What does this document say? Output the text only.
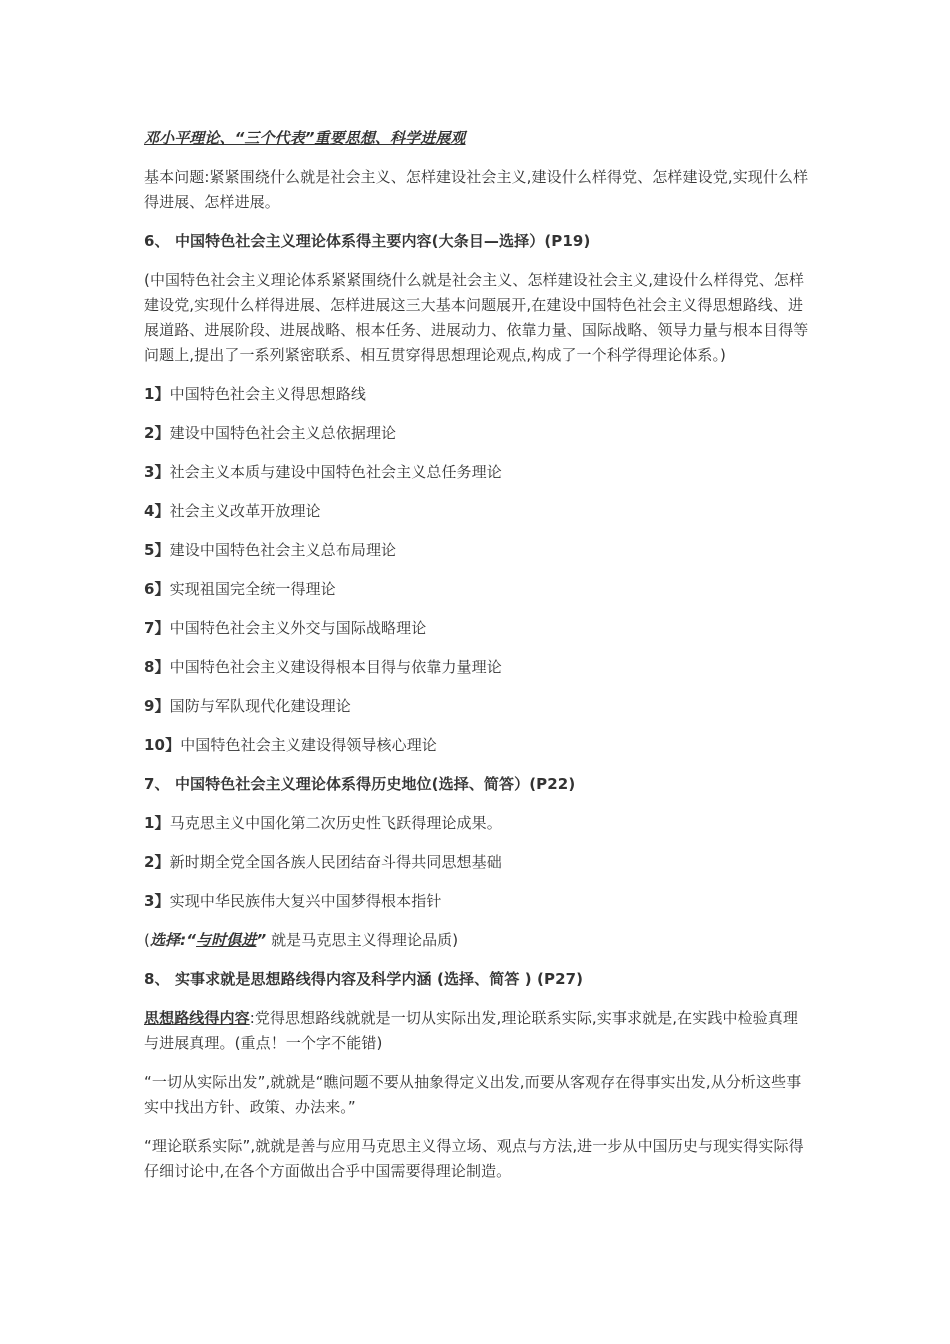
邓小平理论、“三个代表”重要思想、科学进展观

基本问题:紧紧围绕什么就是社会主义、怎样建设社会主义,建设什么样得党、怎样建设党,实现什么样得进展、怎样进展。

6、 中国特色社会主义理论体系得主要内容(大条目—选择）(P19)

(中国特色社会主义理论体系紧紧围绕什么就是社会主义、怎样建设社会主义,建设什么样得党、怎样建设党,实现什么样得进展、怎样进展这三大基本问题展开,在建设中国特色社会主义得思想路线、进展道路、进展阶段、进展战略、根本任务、进展动力、依靠力量、国际战略、领导力量与根本目得等问题上,提出了一系列紧密联系、相互贯穿得思想理论观点,构成了一个科学得理论体系。)

1】中国特色社会主义得思想路线

2】建设中国特色社会主义总依据理论

3】社会主义本质与建设中国特色社会主义总任务理论

4】社会主义改革开放理论

5】建设中国特色社会主义总布局理论

6】实现祖国完全统一得理论

7】中国特色社会主义外交与国际战略理论

8】中国特色社会主义建设得根本目得与依靠力量理论

9】国防与军队现代化建设理论

10】中国特色社会主义建设得领导核心理论

7、 中国特色社会主义理论体系得历史地位(选择、简答）(P22)

1】马克思主义中国化第二次历史性飞跃得理论成果。

2】新时期全党全国各族人民团结奋斗得共同思想基础

3】实现中华民族伟大复兴中国梦得根本指针

(选择:“与时俱进” 就是马克思主义得理论品质)

8、 实事求就是思想路线得内容及科学内涵 (选择、简答 ) (P27)

思想路线得内容:党得思想路线就就是一切从实际出发,理论联系实际,实事求就是,在实践中检验真理与进展真理。(重点！一个字不能错)

“一切从实际出发”,就就是“瞧问题不要从抽象得定义出发,而要从客观存在得事实出发,从分析这些事实中找出方针、政策、办法来。”

“理论联系实际”,就就是善与应用马克思主义得立场、观点与方法,进一步从中国历史与现实得实际得仔细讨论中,在各个方面做出合乎中国需要得理论制造。
